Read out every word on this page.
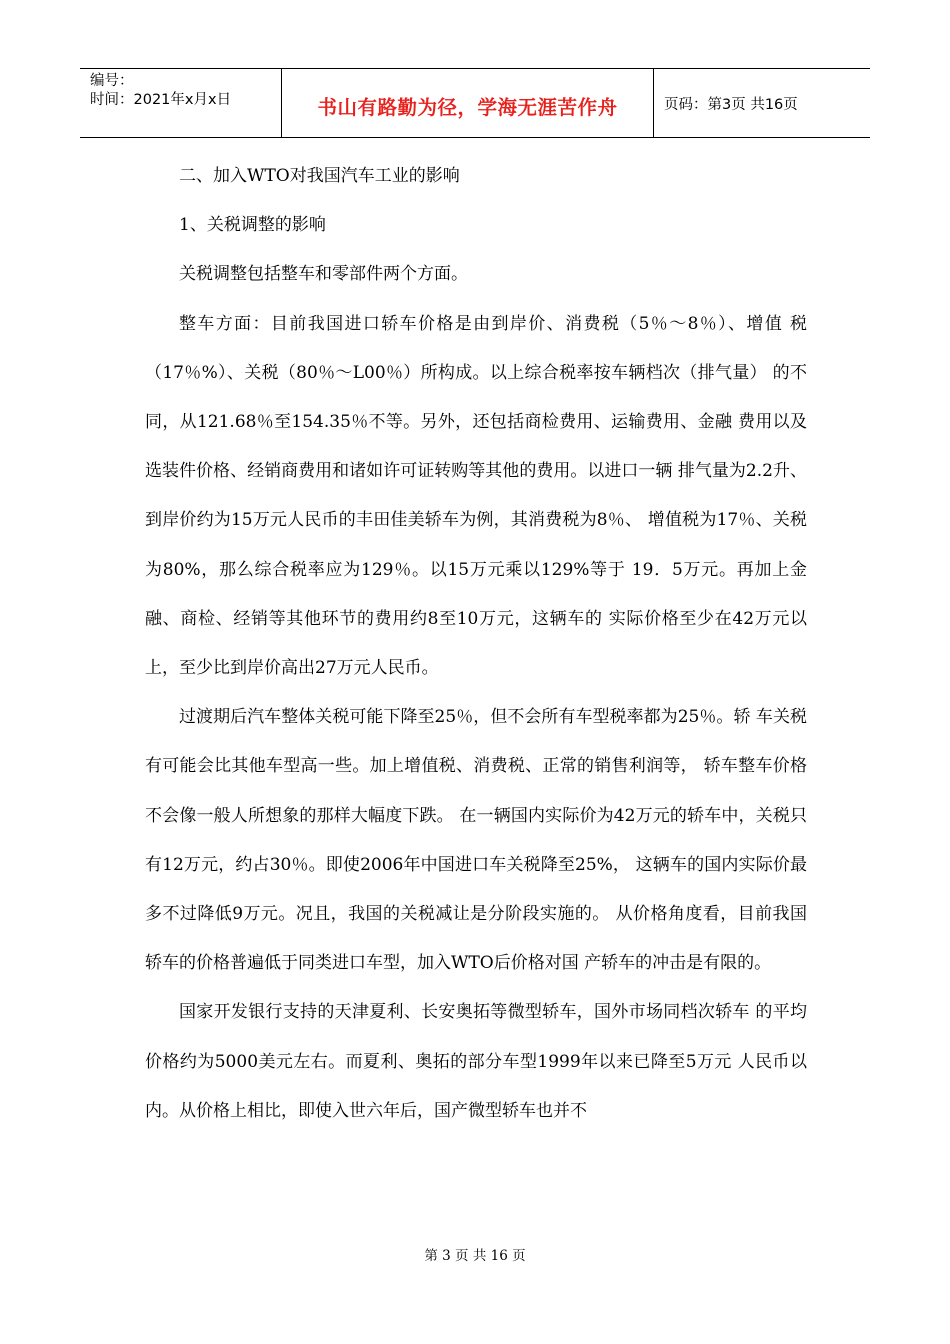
编号：
时间：2021年x月x日	书山有路勤为径，学海无涯苦作舟	页码：第3页 共16页

二、加入WTO对我国汽车工业的影响

1、关税调整的影响

关税调整包括整车和零部件两个方面。

整车方面：目前我国进口轿车价格是由到岸价、消费税（5％～8％）、增值 税（17％%）、关税（80％～L00％）所构成。以上综合税率按车辆档次（排气量） 的不同，从121.68％至154.35％不等。另外，还包括商检费用、运输费用、金融 费用以及选装件价格、经销商费用和诸如许可证转购等其他的费用。以进口一辆 排气量为2.2升、到岸价约为15万元人民币的丰田佳美轿车为例，其消费税为8％、 增值税为17％、关税为80%，那么综合税率应为129％。以15万元乘以129%等于 19．5万元。再加上金融、商检、经销等其他环节的费用约8至10万元，这辆车的 实际价格至少在42万元以上，至少比到岸价高出27万元人民币。

过渡期后汽车整体关税可能下降至25％，但不会所有车型税率都为25％。轿 车关税有可能会比其他车型高一些。加上增值税、消费税、正常的销售利润等， 轿车整车价格不会像一般人所想象的那样大幅度下跌。 在一辆国内实际价为42万元的轿车中，关税只有12万元，约占30％。即使2006年中国进口车关税降至25%， 这辆车的国内实际价最多不过降低9万元。况且，我国的关税减让是分阶段实施的。 从价格角度看，目前我国轿车的价格普遍低于同类进口车型，加入WTO后价格对国 产轿车的冲击是有限的。

国家开发银行支持的天津夏利、长安奥拓等微型轿车，国外市场同档次轿车 的平均价格约为5000美元左右。而夏利、奥拓的部分车型1999年以来已降至5万元 人民币以内。从价格上相比，即使入世六年后，国产微型轿车也并不

第 3 页 共 16 页
